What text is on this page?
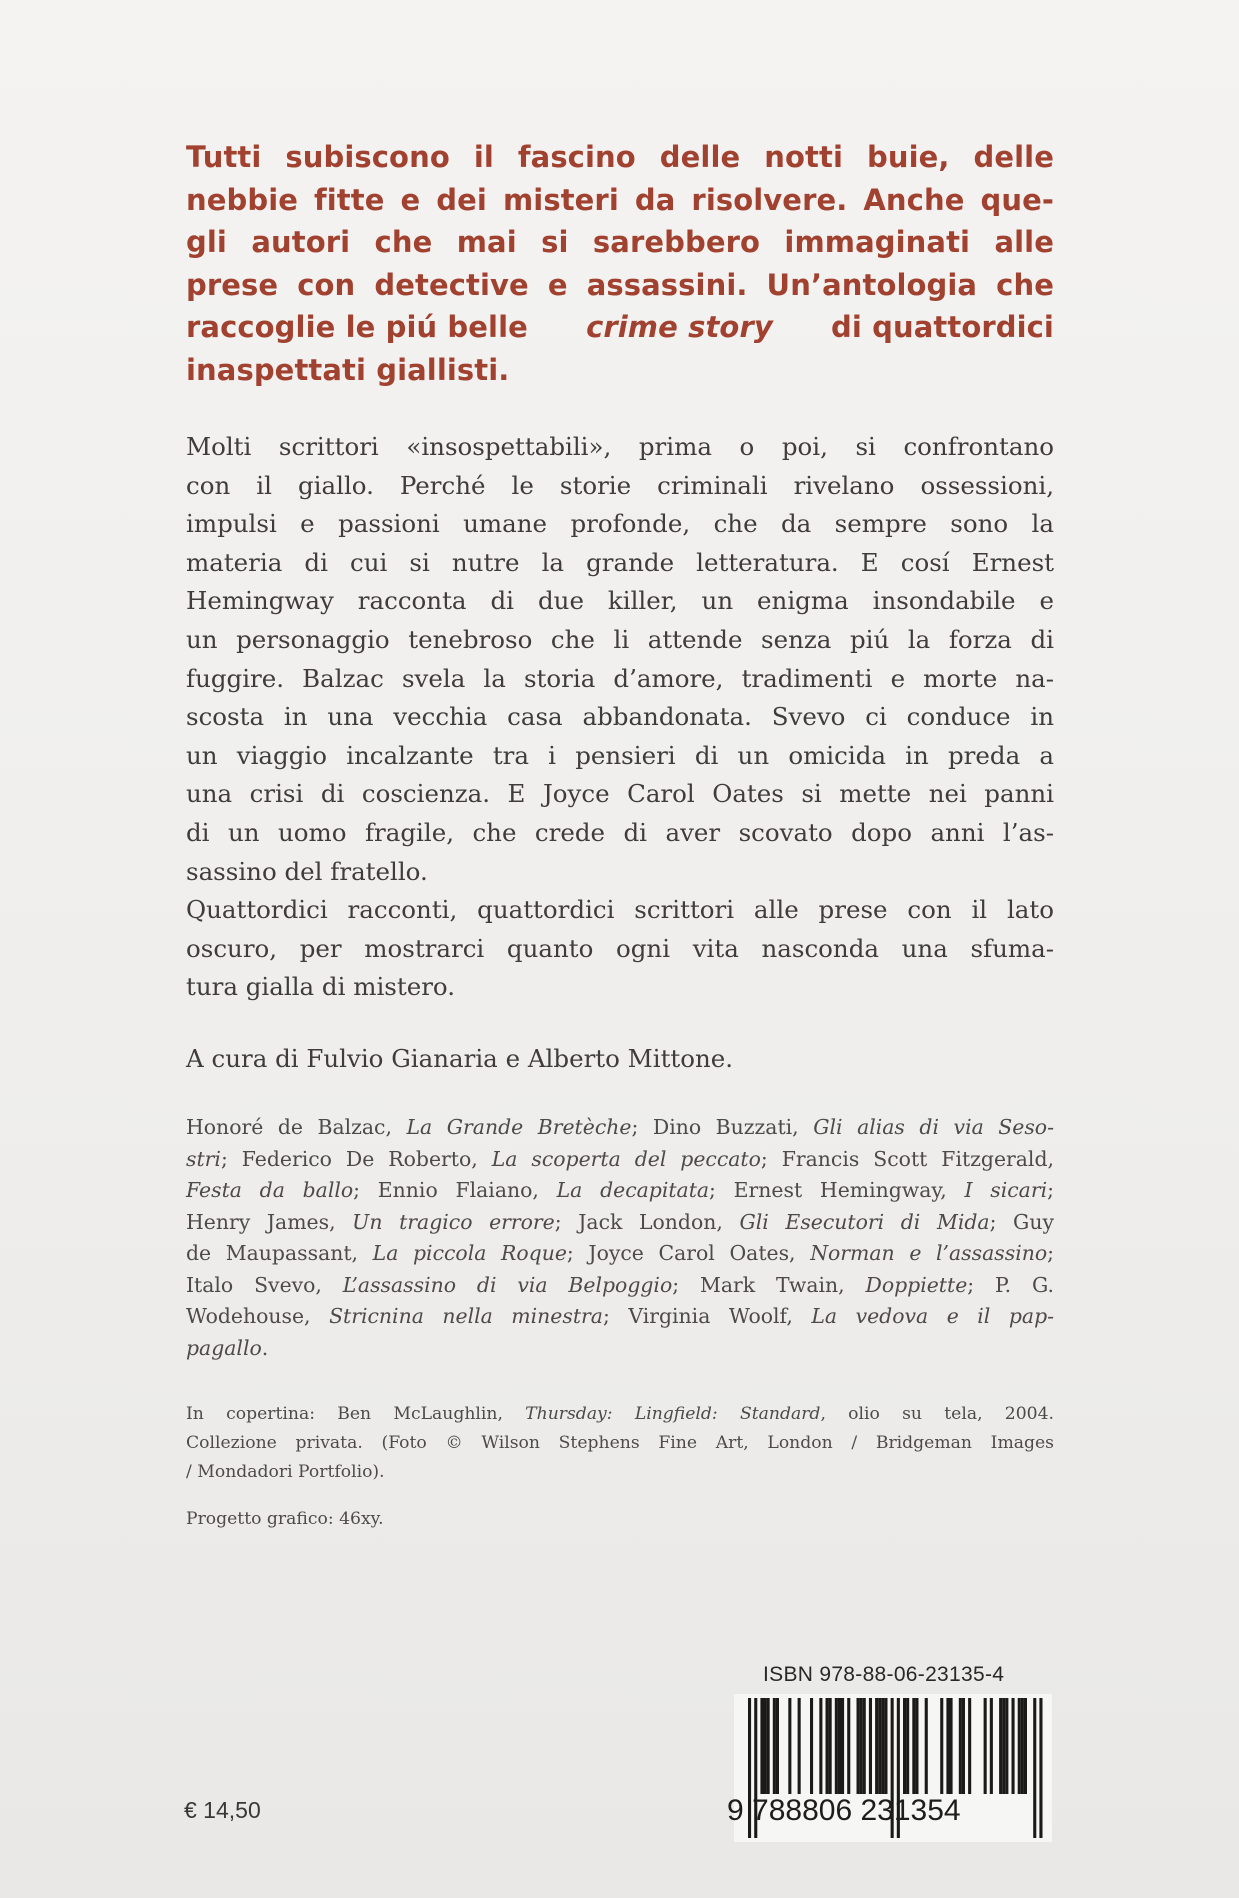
Tutti subiscono il fascino delle notti buie, delle
nebbie fitte e dei misteri da risolvere. Anche que-
gli autori che mai si sarebbero immaginati alle
prese con detective e assassini. Un’antologia che
raccoglie le piú belle crime story di quattordici
inaspettati giallisti.
Molti scrittori «insospettabili», prima o poi, si confrontano
con il giallo. Perché le storie criminali rivelano ossessioni,
impulsi e passioni umane profonde, che da sempre sono la
materia di cui si nutre la grande letteratura. E cosí Ernest
Hemingway racconta di due killer, un enigma insondabile e
un personaggio tenebroso che li attende senza piú la forza di
fuggire. Balzac svela la storia d’amore, tradimenti e morte na-
scosta in una vecchia casa abbandonata. Svevo ci conduce in
un viaggio incalzante tra i pensieri di un omicida in preda a
una crisi di coscienza. E Joyce Carol Oates si mette nei panni
di un uomo fragile, che crede di aver scovato dopo anni l’as-
sassino del fratello.
Quattordici racconti, quattordici scrittori alle prese con il lato
oscuro, per mostrarci quanto ogni vita nasconda una sfuma-
tura gialla di mistero.
A cura di Fulvio Gianaria e Alberto Mittone.
Honoré de Balzac, La Grande Bretèche; Dino Buzzati, Gli alias di via Seso-
stri; Federico De Roberto, La scoperta del peccato; Francis Scott Fitzgerald,
Festa da ballo; Ennio Flaiano, La decapitata; Ernest Hemingway, I sicari;
Henry James, Un tragico errore; Jack London, Gli Esecutori di Mida; Guy
de Maupassant, La piccola Roque; Joyce Carol Oates, Norman e l’assassino;
Italo Svevo, L’assassino di via Belpoggio; Mark Twain, Doppiette; P. G.
Wodehouse, Stricnina nella minestra; Virginia Woolf, La vedova e il pap-
pagallo.
In copertina: Ben McLaughlin, Thursday: Lingfield: Standard, olio su tela, 2004.
Collezione privata. (Foto © Wilson Stephens Fine Art, London / Bridgeman Images
/ Mondadori Portfolio).
Progetto grafico: 46xy.
€ 14,50
ISBN 978-88-06-23135-4
9 788806 231354
